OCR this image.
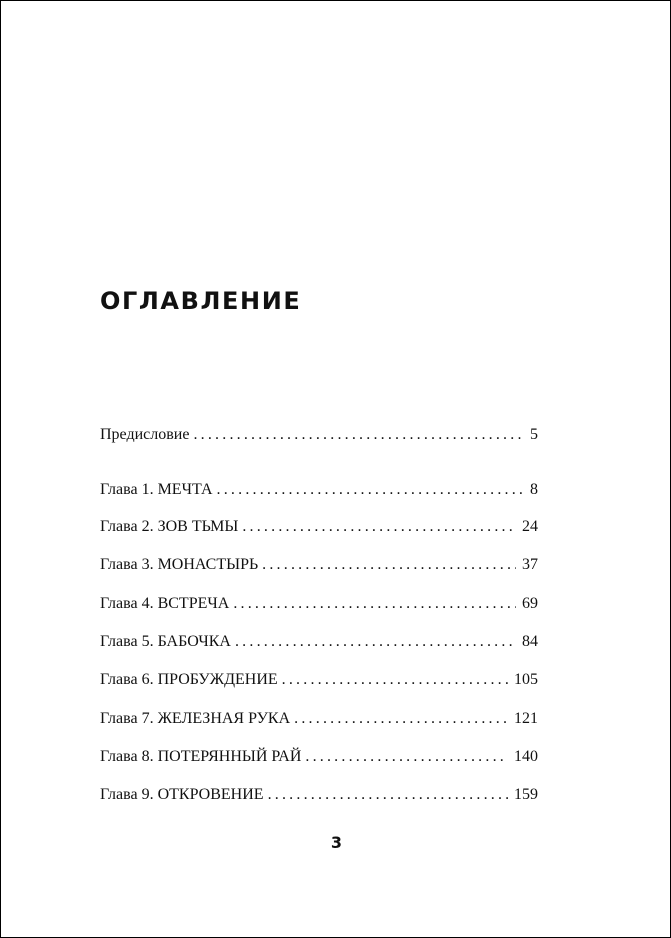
ОГЛАВЛЕНИЕ
Предисловие . . .	5
Глава 1. МЕЧТА . . .	8
Глава 2. ЗОВ ТЬМЫ . . .	24
Глава 3. МОНАСТЫРЬ . . .	37
Глава 4. ВСТРЕЧА . . .	69
Глава 5. БАБОЧКА . . .	84
Глава 6. ПРОБУЖДЕНИЕ . . .	105
Глава 7. ЖЕЛЕЗНАЯ РУКА . . .	121
Глава 8. ПОТЕРЯННЫЙ РАЙ . . .	140
Глава 9. ОТКРОВЕНИЕ . . .	159
3
